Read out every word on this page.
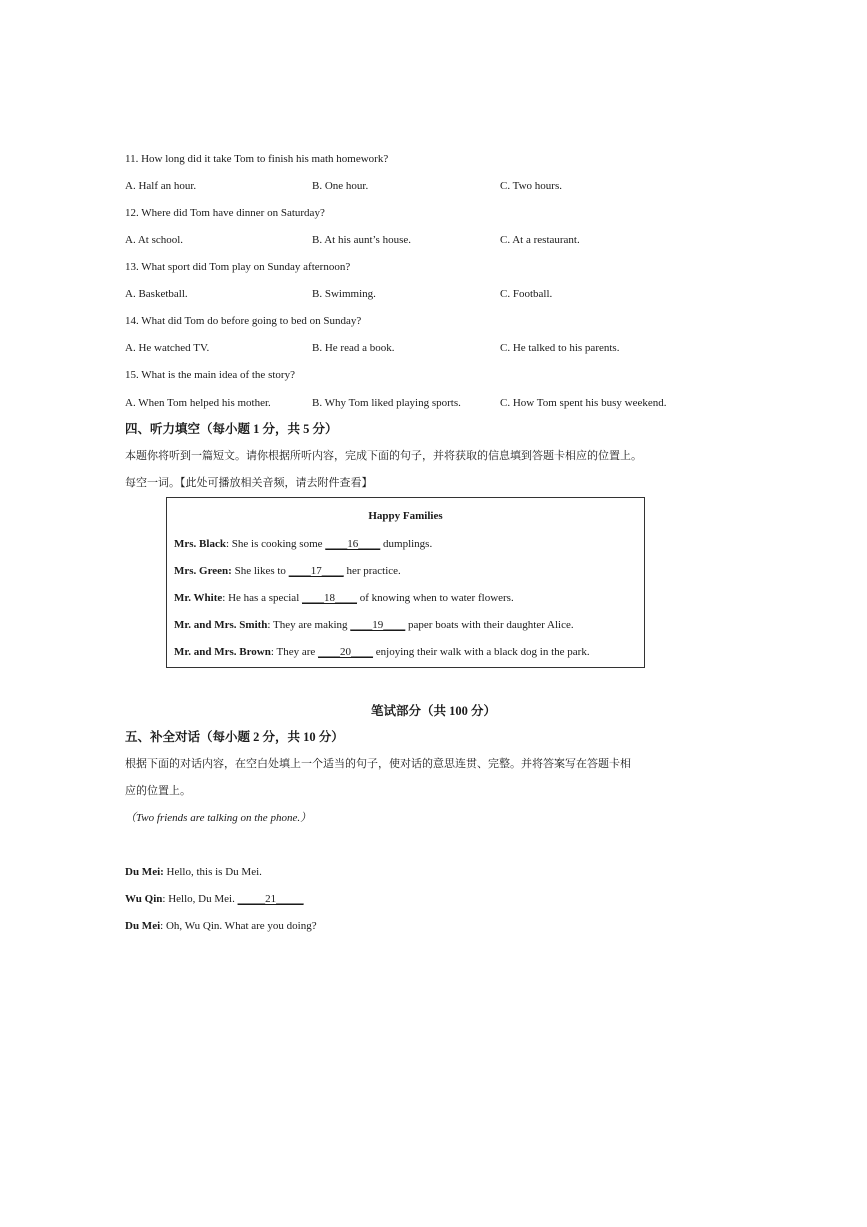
11. How long did it take Tom to finish his math homework?
A. Half an hour.	B. One hour.	C. Two hours.
12. Where did Tom have dinner on Saturday?
A. At school.	B. At his aunt’s house.	C. At a restaurant.
13. What sport did Tom play on Sunday afternoon?
A. Basketball.	B. Swimming.	C. Football.
14. What did Tom do before going to bed on Sunday?
A. He watched TV.	B. He read a book.	C. He talked to his parents.
15. What is the main idea of the story?
A. When Tom helped his mother.	B. Why Tom liked playing sports.	C. How Tom spent his busy weekend.
四、听力填空（每小题 1 分，共 5 分）
本题你将听到一篇短文。请你根据所听内容，完成下面的句子，并将获取的信息填到答题卡相应的位置上。
每空一词。【此处可播放相关音频，请去附件查看】
Happy Families
Mrs. Black: She is cooking some ____16____ dumplings.
Mrs. Green: She likes to ____17____ her practice.
Mr. White: He has a special ____18____ of knowing when to water flowers.
Mr. and Mrs. Smith: They are making ____19____ paper boats with their daughter Alice.
Mr. and Mrs. Brown: They are ____20____ enjoying their walk with a black dog in the park.
笔试部分（共 100 分）
五、补全对话（每小题 2 分，共 10 分）
根据下面的对话内容，在空白处填上一个适当的句子，使对话的意思连贯、完整。并将答案写在答题卡相
应的位置上。
（Two friends are talking on the phone.）
Du Mei: Hello, this is Du Mei.
Wu Qin: Hello, Du Mei. _____21_____
Du Mei: Oh, Wu Qin. What are you doing?
